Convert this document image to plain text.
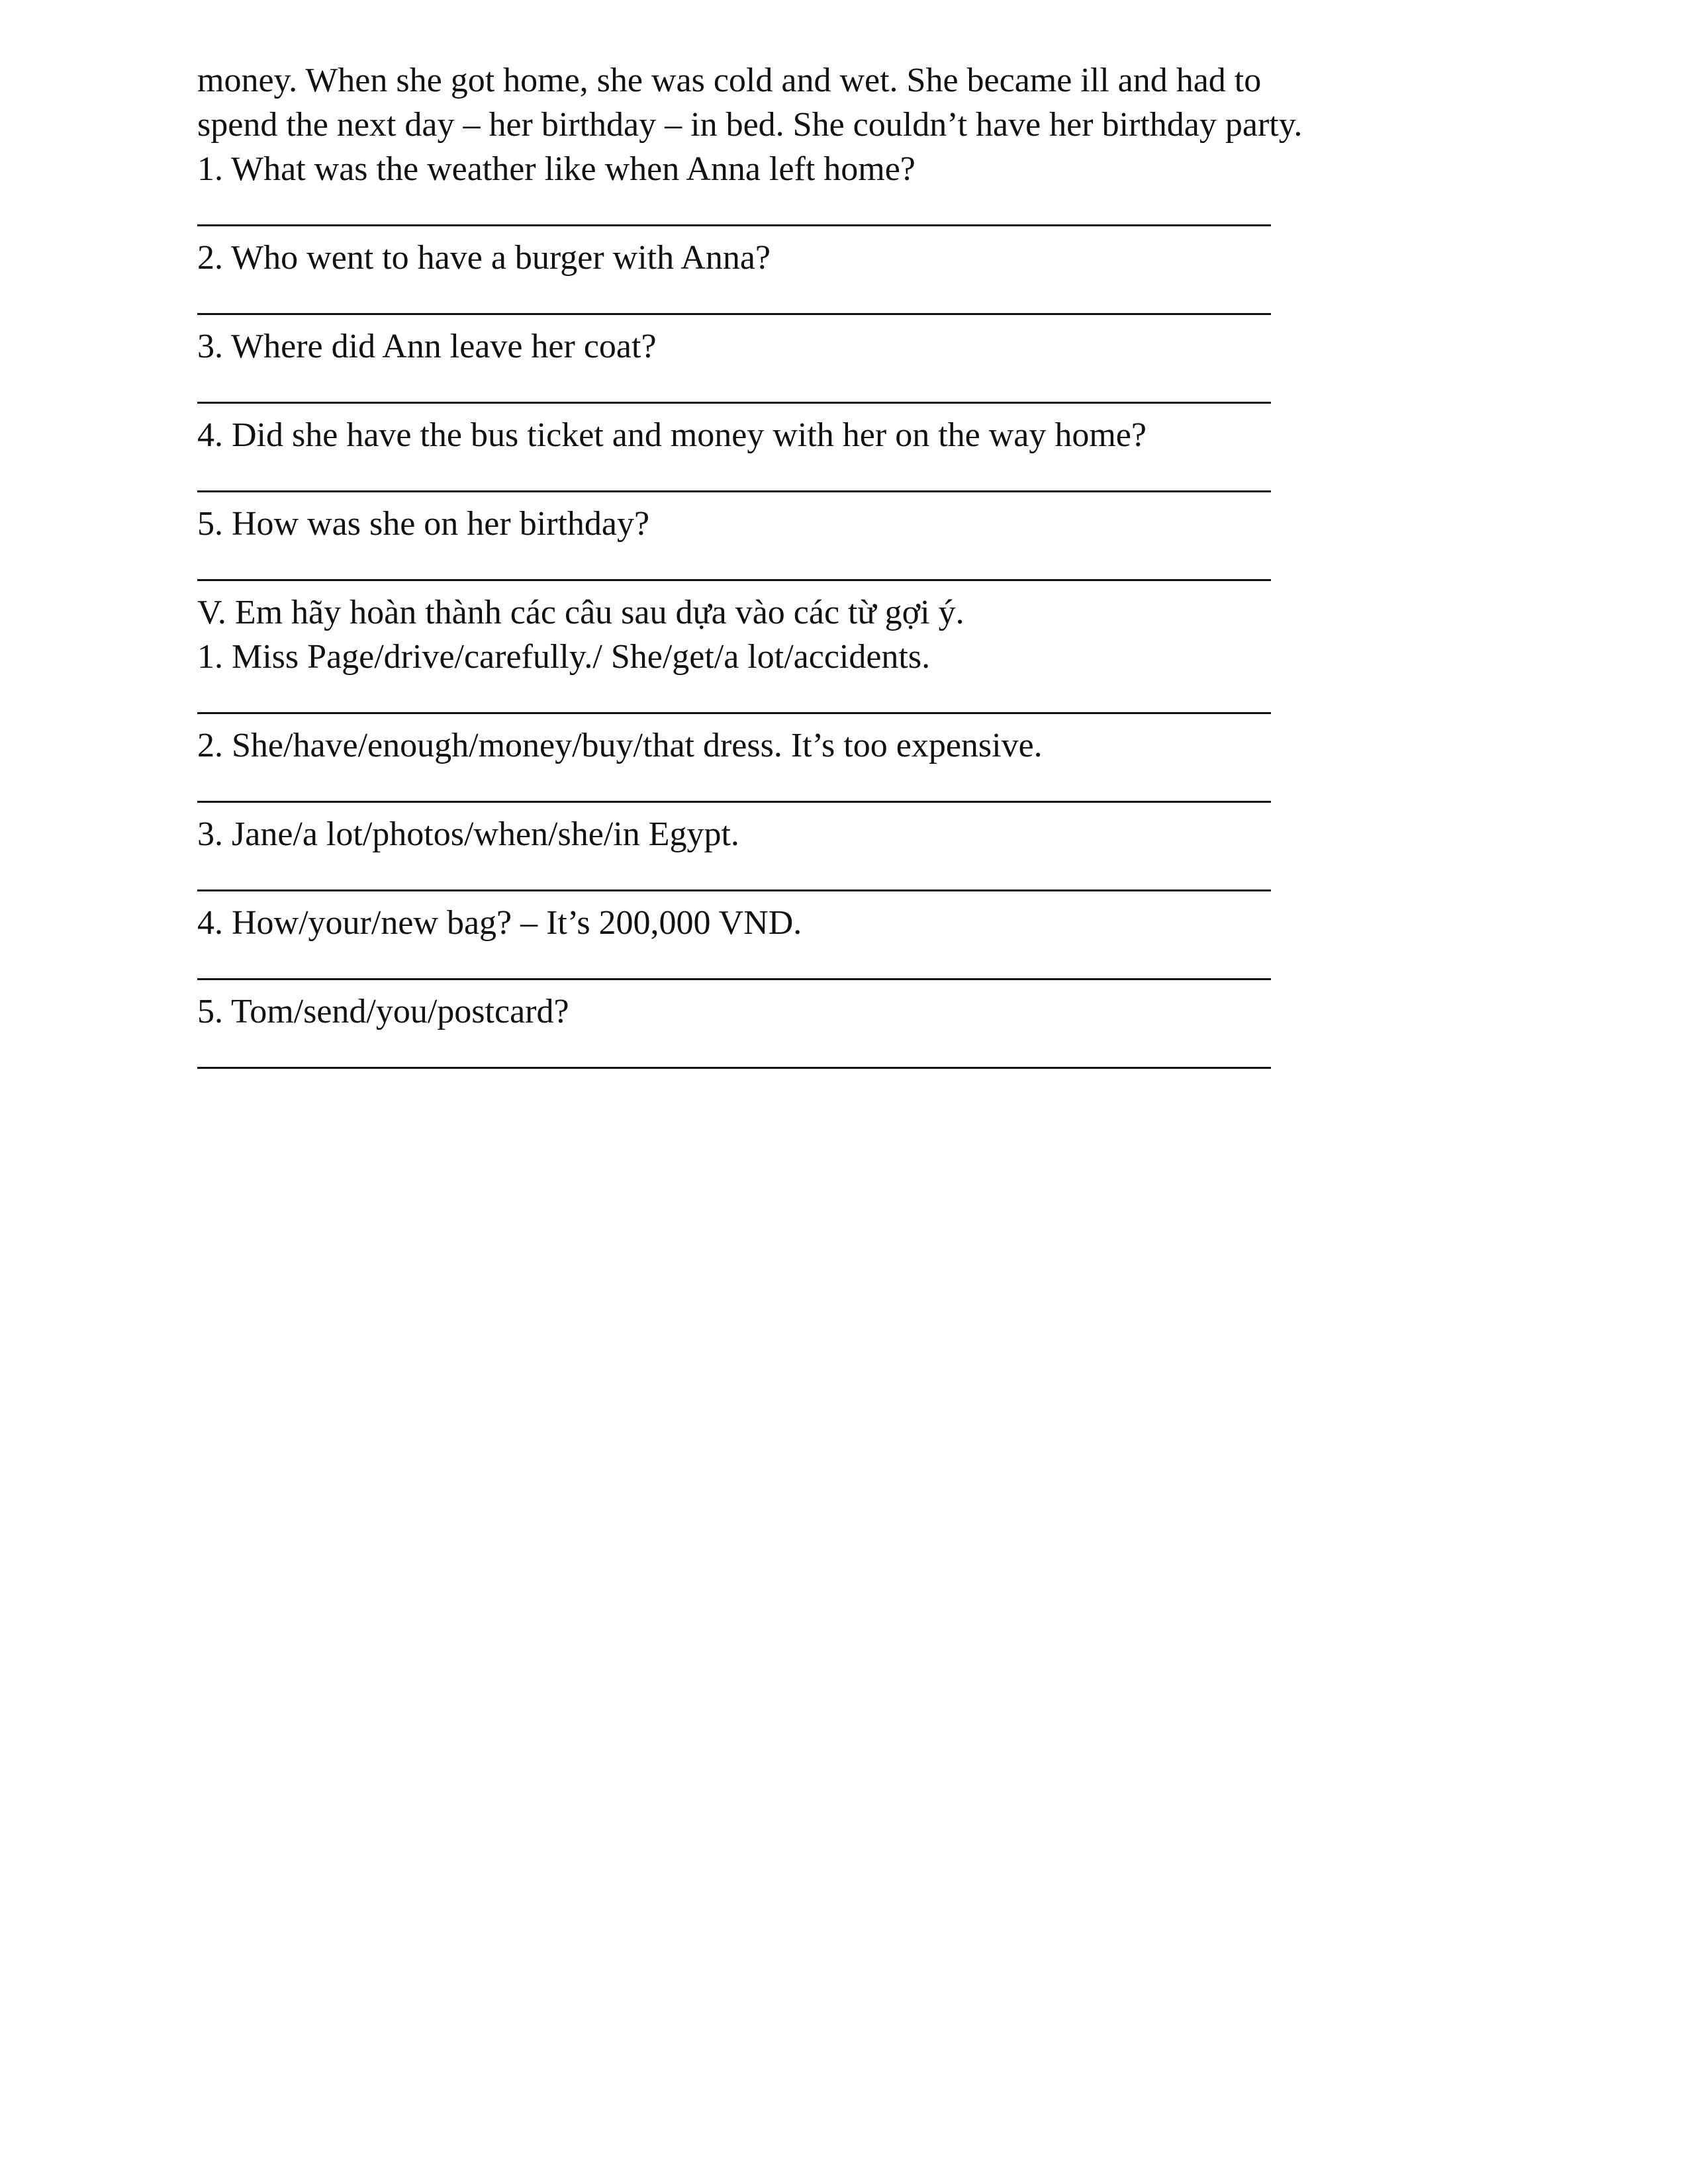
money. When she got home, she was cold and wet. She became ill and had to
spend the next day – her birthday – in bed. She couldn’t have her birthday party.
1. What was the weather like when Anna left home?
2. Who went to have a burger with Anna?
3. Where did Ann leave her coat?
4. Did she have the bus ticket and money with her on the way home?
5. How was she on her birthday?
V. Em hãy hoàn thành các câu sau dựa vào các từ gợi ý.
1. Miss Page/drive/carefully./ She/get/a lot/accidents.
2. She/have/enough/money/buy/that dress. It’s too expensive.
3. Jane/a lot/photos/when/she/in Egypt.
4. How/your/new bag? – It’s 200,000 VND.
5. Tom/send/you/postcard?
